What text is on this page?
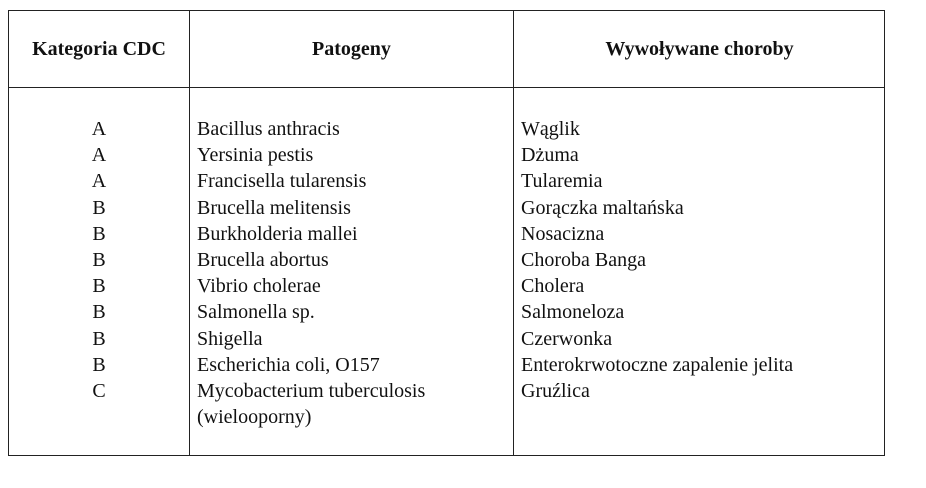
Kategoria CDC	Patogeny	Wywoływane choroby
A
A
A
B
B
B
B
B
B
B
C
Bacillus anthracis
Yersinia pestis
Francisella tularensis
Brucella melitensis
Burkholderia mallei
Brucella abortus
Vibrio cholerae
Salmonella sp.
Shigella
Escherichia coli, O157
Mycobacterium tuberculosis (wielooporny)
Wąglik
Dżuma
Tularemia
Gorączka maltańska
Nosacizna
Choroba Banga
Cholera
Salmoneloza
Czerwonka
Enterokrwotoczne zapalenie jelita
Gruźlica
